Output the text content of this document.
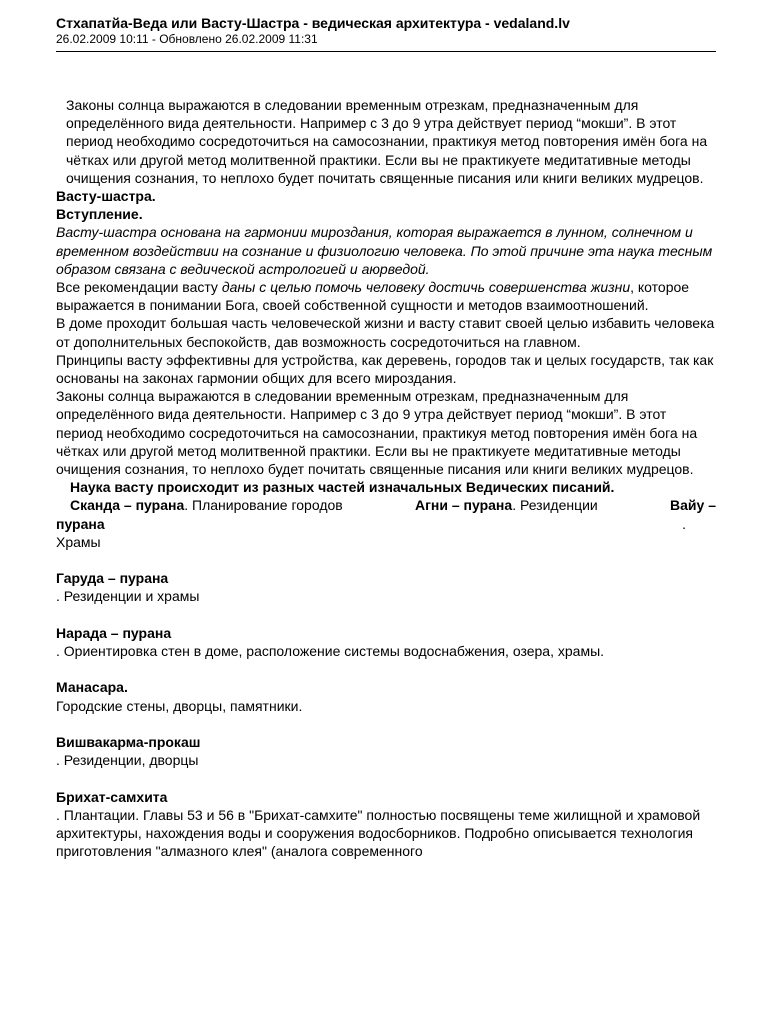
Стхапатйа-Веда или Васту-Шастра - ведическая архитектура - vedaland.lv
26.02.2009 10:11 - Обновлено 26.02.2009 11:31

Законы солнца выражаются в следовании временным отрезкам, предназначенным для определённого вида деятельности. Например с 3 до 9 утра действует период “мокши”. В этот период необходимо сосредоточиться на самосознании, практикуя метод повторения имён бога на чётках или другой метод молитвенной практики. Если вы не практикуете медитативные методы очищения сознания, то неплохо будет почитать священные писания или книги великих мудрецов.

Васту-шастра.

Вступление.

Васту-шастра основана на гармонии мироздания, которая выражается в лунном, солнечном и временном воздействии на сознание и физиологию человека. По этой причине эта наука тесным образом связана с ведической астрологией и аюрведой.

Все рекомендации васту даны с целью помочь человеку достичь совершенства жизни, которое выражается в понимании Бога, своей собственной сущности и методов взаимоотношений.

В доме проходит большая часть человеческой жизни и васту ставит своей целью избавить человека от дополнительных беспокойств, дав возможность сосредоточиться на главном.

Принципы васту эффективны для устройства, как деревень, городов так и целых государств, так как основаны на законах гармонии общих для всего мироздания.

Законы солнца выражаются в следовании временным отрезкам, предназначенным для определённого вида деятельности. Например с 3 до 9 утра действует период “мокши”. В этот период необходимо сосредоточиться на самосознании, практикуя метод повторения имён бога на чётках или другой метод молитвенной практики. Если вы не практикуете медитативные методы очищения сознания, то неплохо будет почитать священные писания или книги великих мудрецов.

Наука васту происходит из разных частей изначальных Ведических писаний.

Сканда – пурана. Планирование городов	Агни – пурана. Резиденции	Вайу –
пурана	.

Храмы

Гаруда – пурана

. Резиденции и храмы

Нарада – пурана

. Ориентировка стен в доме, расположение системы водоснабжения, озера, храмы.

Манасара.

Городские стены, дворцы, памятники.

Вишвакарма-прокаш

. Резиденции, дворцы

Брихат-самхита

. Плантации. Главы 53 и 56 в "Брихат-самхите" полностью посвящены теме жилищной и храмовой архитектуры, нахождения воды и сооружения водосборников. Подробно описывается технология приготовления "алмазного клея" (аналога современного
